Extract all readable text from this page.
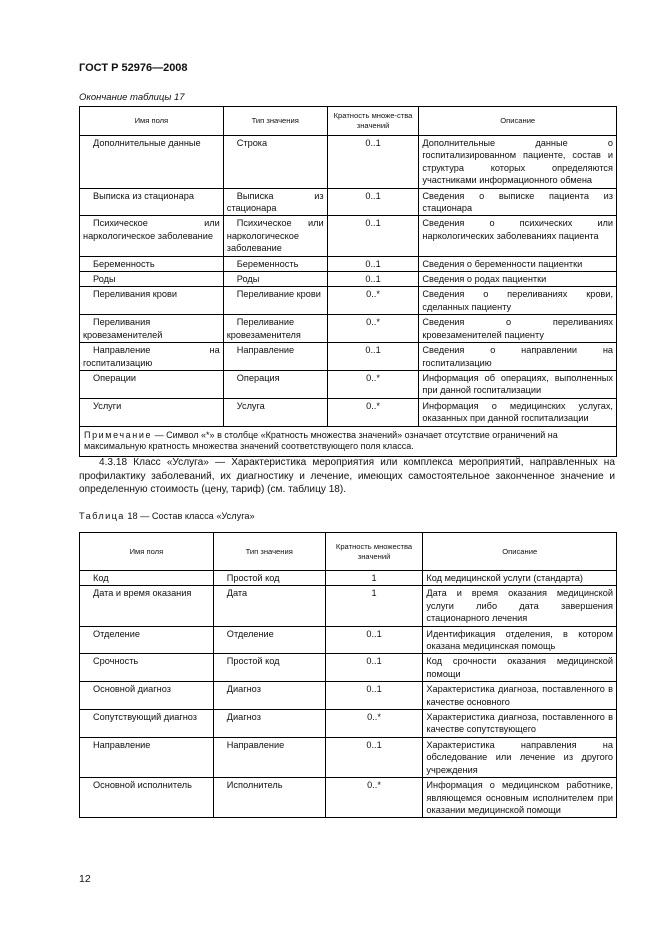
ГОСТ Р 52976—2008
Окончание таблицы 17
Имя поля	Тип значения	Кратность множе-ства значений	Описание
Дополнительные данные	Строка	0..1	Дополнительные данные о госпитализированном пациенте, состав и структура которых определяются участниками информационного обмена
Выписка из стационара	Выписка из стационара	0..1	Сведения о выписке пациента из стационара
Психическое или наркологическое заболевание	Психическое или наркологическое заболевание	0..1	Сведения о психических или наркологических заболеваниях пациента
Беременность	Беременность	0..1	Сведения о беременности пациентки
Роды	Роды	0..1	Сведения о родах пациентки
Переливания крови	Переливание крови	0..*	Сведения о переливаниях крови, сделанных пациенту
Переливания кровезаменителей	Переливание кровезаменителя	0..*	Сведения о переливаниях кровезаменителей пациенту
Направление на госпитализацию	Направление	0..1	Сведения о направлении на госпитализацию
Операции	Операция	0..*	Информация об операциях, выполненных при данной госпитализации
Услуги	Услуга	0..*	Информация о медицинских услугах, оказанных при данной госпитализации
Примечание — Символ «*» в столбце «Кратность множества значений» означает отсутствие ограничений на максимальную кратность множества значений соответствующего поля класса.			
4.3.18 Класс «Услуга» — Характеристика мероприятия или комплекса мероприятий, направленных на профилактику заболеваний, их диагностику и лечение, имеющих самостоятельное законченное значение и определенную стоимость (цену, тариф) (см. таблицу 18).
Таблица 18 — Состав класса «Услуга»
Имя поля	Тип значения	Кратность множества значений	Описание
Код	Простой код	1	Код медицинской услуги (стандарта)
Дата и время оказания	Дата	1	Дата и время оказания медицинской услуги либо дата завершения стационарного лечения
Отделение	Отделение	0..1	Идентификация отделения, в котором оказана медицинская помощь
Срочность	Простой код	0..1	Код срочности оказания медицинской помощи
Основной диагноз	Диагноз	0..1	Характеристика диагноза, поставленного в качестве основного
Сопутствующий диагноз	Диагноз	0..*	Характеристика диагноза, поставленного в качестве сопутствующего
Направление	Направление	0..1	Характеристика направления на обследование или лечение из другого учреждения
Основной исполнитель	Исполнитель	0..*	Информация о медицинском работнике, являющемся основным исполнителем при оказании медицинской помощи
12
